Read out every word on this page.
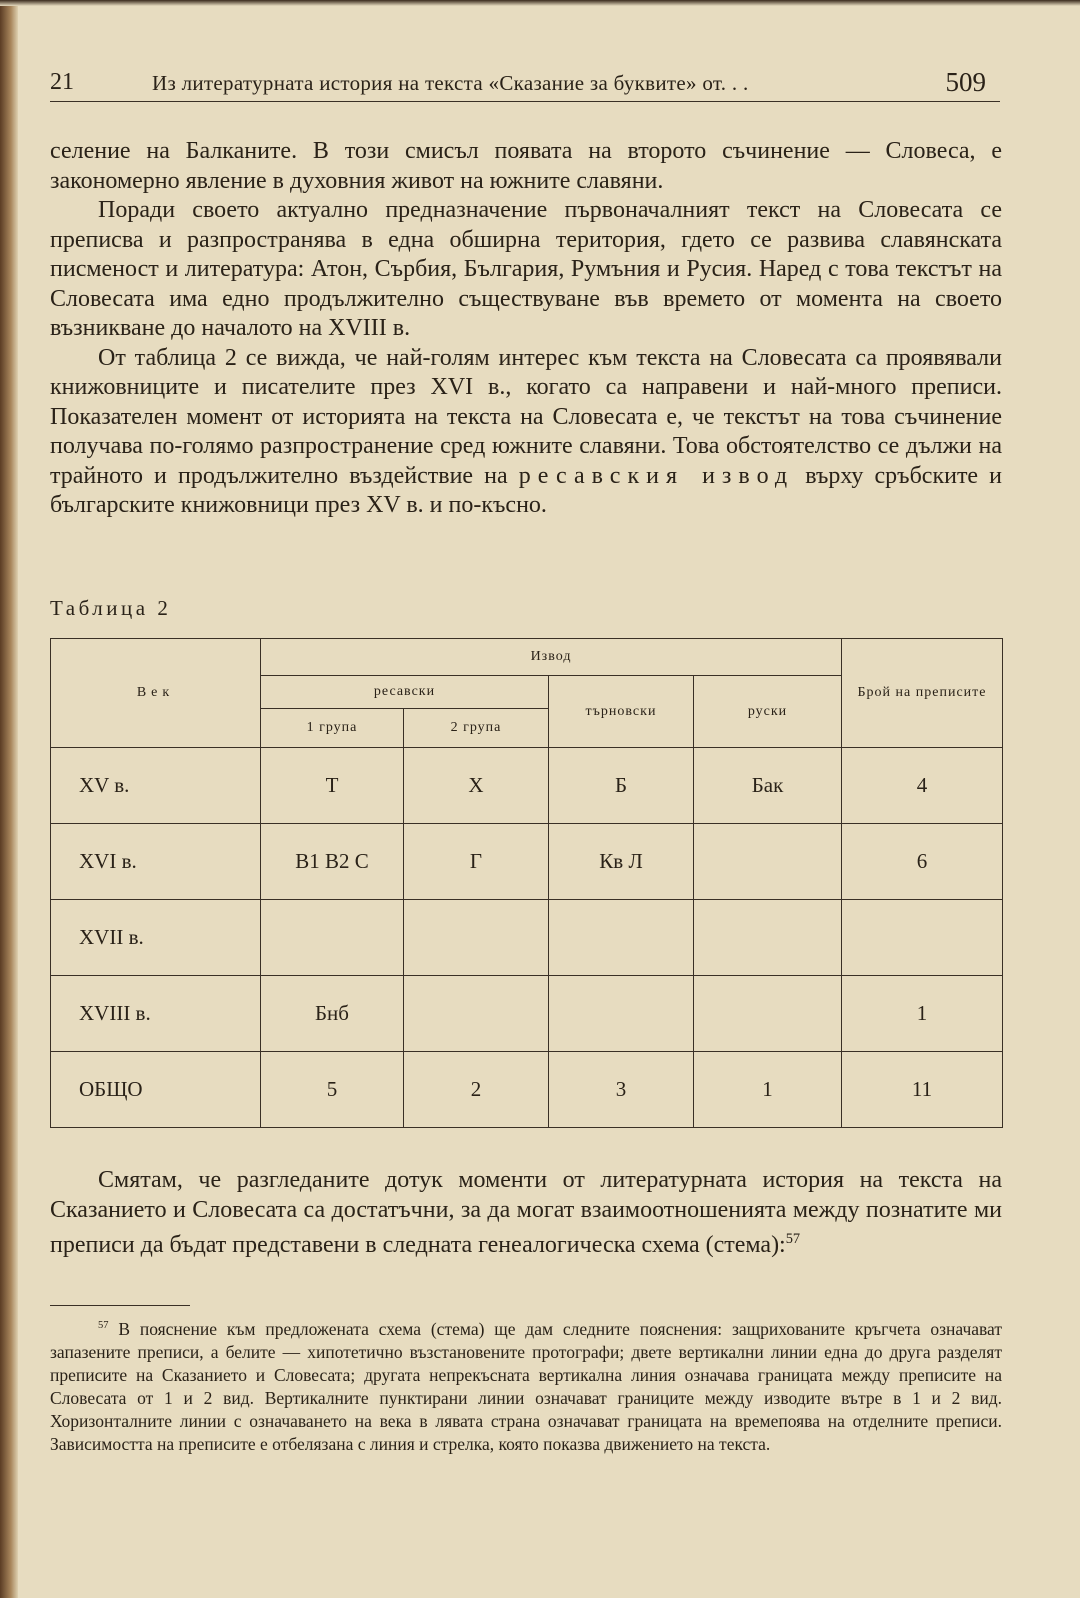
21	Из литературната история на текста «Сказание за буквите» от. . .	509

селение на Балканите. В този смисъл появата на второто съчинение — Словеса, е закономерно явление в духовния живот на южните славяни.

Поради своето актуално предназначение първоначалният текст на Словесата се преписва и разпространява в една обширна територия, гдето се развива славянската писменост и литература: Атон, Сърбия, България, Румъния и Русия. Наред с това текстът на Словесата има едно продължително съществуване във времето от момента на своето възникване до началото на XVIII в.

От таблица 2 се вижда, че най-голям интерес към текста на Словесата са проявявали книжовниците и писателите през XVI в., когато са направени и най-много преписи. Показателен момент от историята на текста на Словесата е, че текстът на това съчинение получава по-голямо разпространение сред южните славяни. Това обстоятелство се дължи на трайното и продължително въздействие на ресавския извод върху сръбските и българските книжовници през XV в. и по-късно.

Таблица 2
Век	Извод				Брой на преписите
	ресавски		търновски	руски	
	1 група	2 група			
XV в.	Т	Х	Б	Бак	4
XVI в.	В1 В2 С	Г	Кв Л		6
XVII в.					
XVIII в.	Бнб				1
ОБЩО	5	2	3	1	11

Смятам, че разгледаните дотук моменти от литературната история на текста на Сказанието и Словесата са достатъчни, за да могат взаимоотношенията между познатите ми преписи да бъдат представени в следната генеалогическа схема (стема):$^{57}$

$^{57}$ В пояснение към предложената схема (стема) ще дам следните пояснения: защрихованите кръгчета означават запазените преписи, а белите — хипотетично възстановените протографи; двете вертикални линии една до друга разделят преписите на Сказанието и Словесата; другата непрекъсната вертикална линия означава границата между преписите на Словесата от 1 и 2 вид. Вертикалните пунктирани линии означават границите между изводите вътре в 1 и 2 вид. Хоризонталните линии с означаването на века в лявата страна означават границата на времепоява на отделните преписи. Зависимостта на преписите е отбелязана с линия и стрелка, която показва движението на текста.
